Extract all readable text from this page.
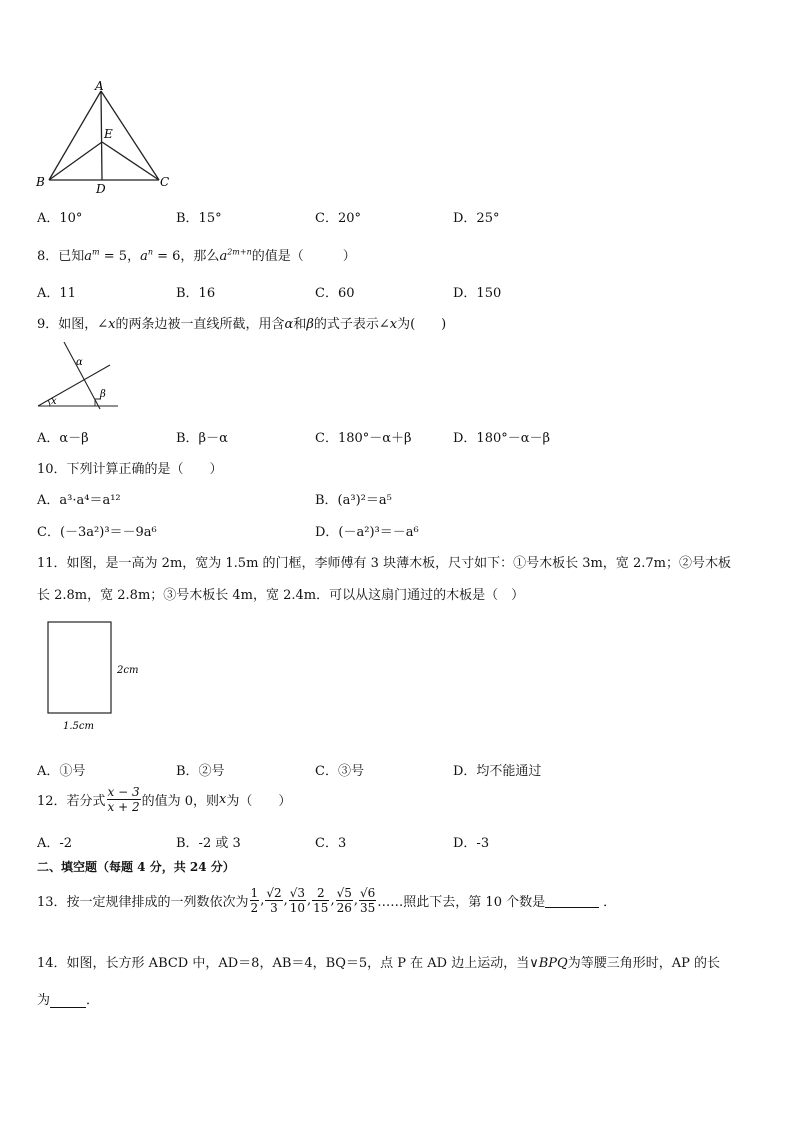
A
E
B	D	C
A．10°	B．15°	C．20°	D．25°
8．已知$a^m = 5$，$a^n = 6$，那么$a^{2m+n}$的值是（　　　）
A．11	B．16	C．60	D．150
9．如图，∠x的两条边被一直线所截，用含α和β的式子表示∠x为(　　)
α
β
x
A．α－β	B．β－α	C．180°－α＋β	D．180°－α－β
10．下列计算正确的是（　　）
A．a³·a⁴＝a¹²	B．(a³)²＝a⁵
C．(－3a²)³＝－9a⁶	D．(－a²)³＝－a⁶
11．如图，是一高为 2m，宽为 1.5m 的门框，李师傅有 3 块薄木板，尺寸如下：①号木板长 3m，宽 2.7m；②号木板
长 2.8m，宽 2.8m；③号木板长 4m，宽 2.4m．可以从这扇门通过的木板是（　）
2cm
1.5cm
A．①号	B．②号	C．③号	D．均不能通过
12．若分式 $\frac{x - 3}{x + 2}$ 的值为 0，则x为（　　）
A．-2	B．-2 或 3	C．3	D．-3
二、填空题（每题 4 分，共 24 分）
13．按一定规律排成的一列数依次为 $\frac{1}{2}$ , $\frac{√2}{3}$ , $\frac{√3}{10}$ , $\frac{2}{15}$ , $\frac{√5}{26}$ , $\frac{√6}{35}$ ……照此下去，第 10 个数是	．
14．如图，长方形 ABCD 中，AD＝8，AB＝4，BQ＝5，点 P 在 AD 边上运动，当∨BPQ为等腰三角形时，AP 的长
为	．
